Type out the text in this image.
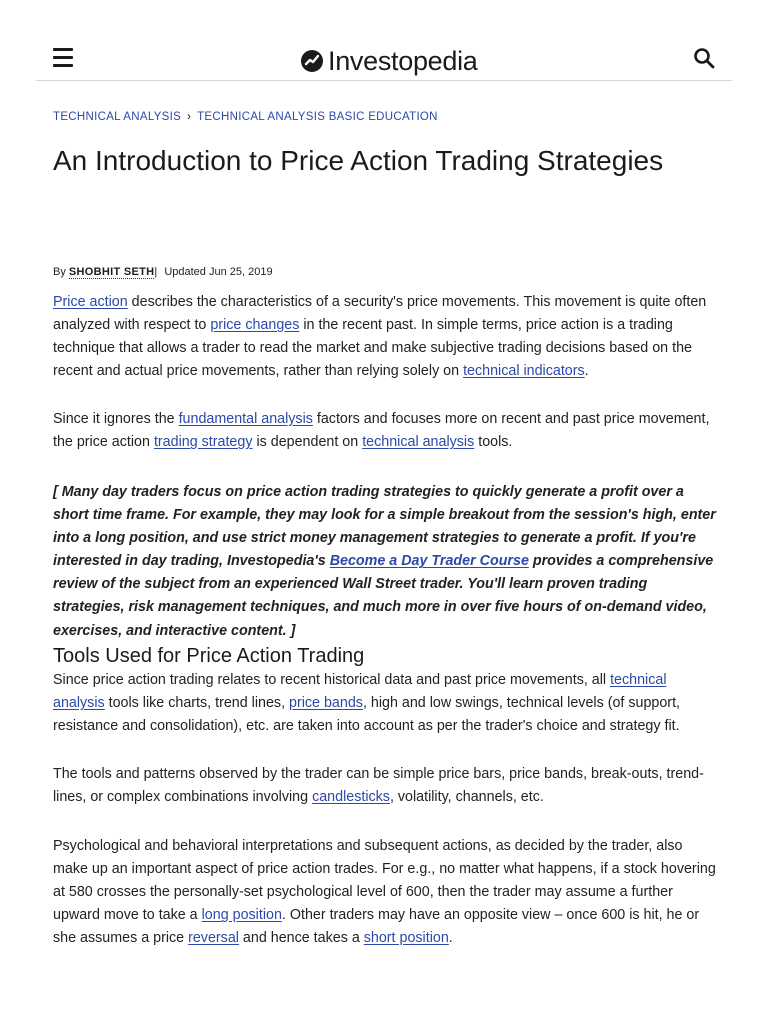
Investopedia
TECHNICAL ANALYSIS › TECHNICAL ANALYSIS BASIC EDUCATION
An Introduction to Price Action Trading Strategies
By SHOBHIT SETH| Updated Jun 25, 2019

Price action describes the characteristics of a security's price movements. This movement is quite often analyzed with respect to price changes in the recent past. In simple terms, price action is a trading technique that allows a trader to read the market and make subjective trading decisions based on the recent and actual price movements, rather than relying solely on technical indicators.

Since it ignores the fundamental analysis factors and focuses more on recent and past price movement, the price action trading strategy is dependent on technical analysis tools.

[ Many day traders focus on price action trading strategies to quickly generate a profit over a short time frame. For example, they may look for a simple breakout from the session's high, enter into a long position, and use strict money management strategies to generate a profit. If you're interested in day trading, Investopedia's Become a Day Trader Course provides a comprehensive review of the subject from an experienced Wall Street trader. You'll learn proven trading strategies, risk management techniques, and much more in over five hours of on-demand video, exercises, and interactive content. ]

Tools Used for Price Action Trading

Since price action trading relates to recent historical data and past price movements, all technical analysis tools like charts, trend lines, price bands, high and low swings, technical levels (of support, resistance and consolidation), etc. are taken into account as per the trader's choice and strategy fit.

The tools and patterns observed by the trader can be simple price bars, price bands, break-outs, trend-lines, or complex combinations involving candlesticks, volatility, channels, etc.

Psychological and behavioral interpretations and subsequent actions, as decided by the trader, also make up an important aspect of price action trades. For e.g., no matter what happens, if a stock hovering at 580 crosses the personally-set psychological level of 600, then the trader may assume a further upward move to take a long position. Other traders may have an opposite view – once 600 is hit, he or she assumes a price reversal and hence takes a short position.
